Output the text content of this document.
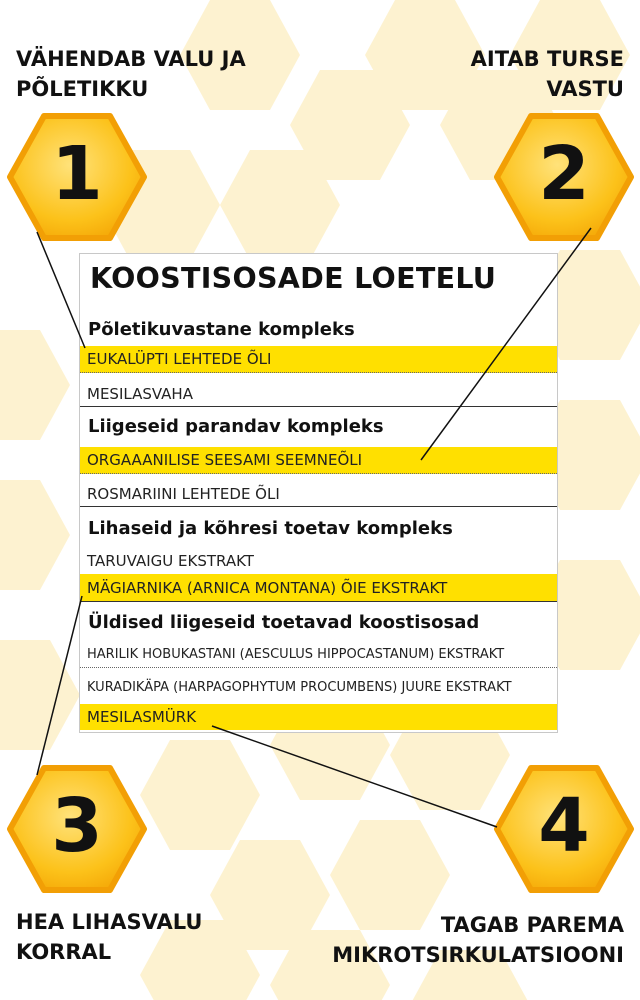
VÄHENDAB VALU JA
PÕLETIKKU

AITAB TURSE
VASTU

HEA LIHASVALU
KORRAL

TAGAB PAREMA
MIKROTSIRKULATSIOONI

1	2
3	4
KOOSTISOSADE LOETELU
Põletikuvastane kompleks
EUKALÜPTI LEHTEDE ÕLI
MESILASVAHA
Liigeseid parandav kompleks
ORGAAANILISE SEESAMI SEEMNEÕLI
ROSMARIINI LEHTEDE ÕLI
Lihaseid ja kõhresi toetav kompleks
TARUVAIGU EKSTRAKT
MÄGIARNIKA (ARNICA MONTANA) ÕIE EKSTRAKT
Üldised liigeseid toetavad koostisosad
HARILIK HOBUKASTANI (AESCULUS HIPPOCASTANUM) EKSTRAKT
KURADIKÄPA (HARPAGOPHYTUM PROCUMBENS) JUURE EKSTRAKT
MESILASMÜRK
